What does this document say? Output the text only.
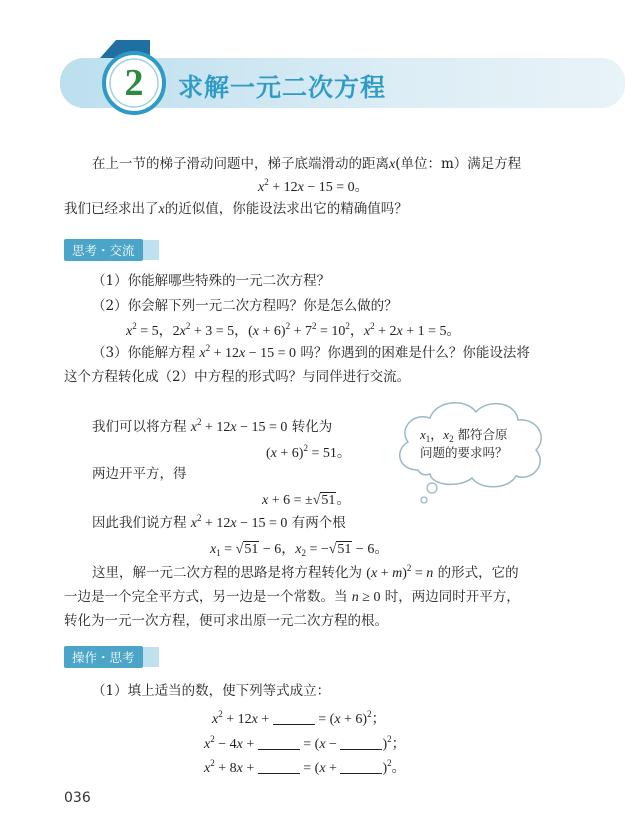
2	求解一元二次方程
在上一节的梯子滑动问题中，梯子底端滑动的距离x(单位：m）满足方程
$x^2 + 12x - 15 = 0$。
我们已经求出了x的近似值，你能设法求出它的精确值吗？
思考・交流
（1）你能解哪些特殊的一元二次方程？
（2）你会解下列一元二次方程吗？你是怎么做的？
$x^2 = 5$，$2x^2 + 3 = 5$，$(x + 6)^2 + 7^2 = 10^2$，$x^2 + 2x + 1 = 5$。
（3）你能解方程 $x^2 + 12x - 15 = 0$ 吗？你遇到的困难是什么？你能设法将
这个方程转化成（2）中方程的形式吗？与同伴进行交流。
我们可以将方程 $x^2 + 12x - 15 = 0$ 转化为
$(x + 6)^2 = 51$。
两边开平方，得
x + 6 = ±√51。
因此我们说方程 $x^2 + 12x - 15 = 0$ 有两个根
$x_1 = √51 - 6$，$x_2 = -√51 - 6$。
这里，解一元二次方程的思路是将方程转化为 $(x + m)^2 = n$ 的形式，它的
一边是一个完全平方式，另一边是一个常数。当 n ≥ 0 时，两边同时开平方，
转化为一元一次方程，便可求出原一元二次方程的根。
$x_1$，$x_2$ 都符合原
问题的要求吗？
操作・思考
（1）填上适当的数，使下列等式成立：
$x^2 + 12x$ +	= $(x + 6)^2$；
$x^2 - 4x$ +	= (x −	)$^2$；
$x^2 + 8x$ +	= (x +	)$^2$。
036
